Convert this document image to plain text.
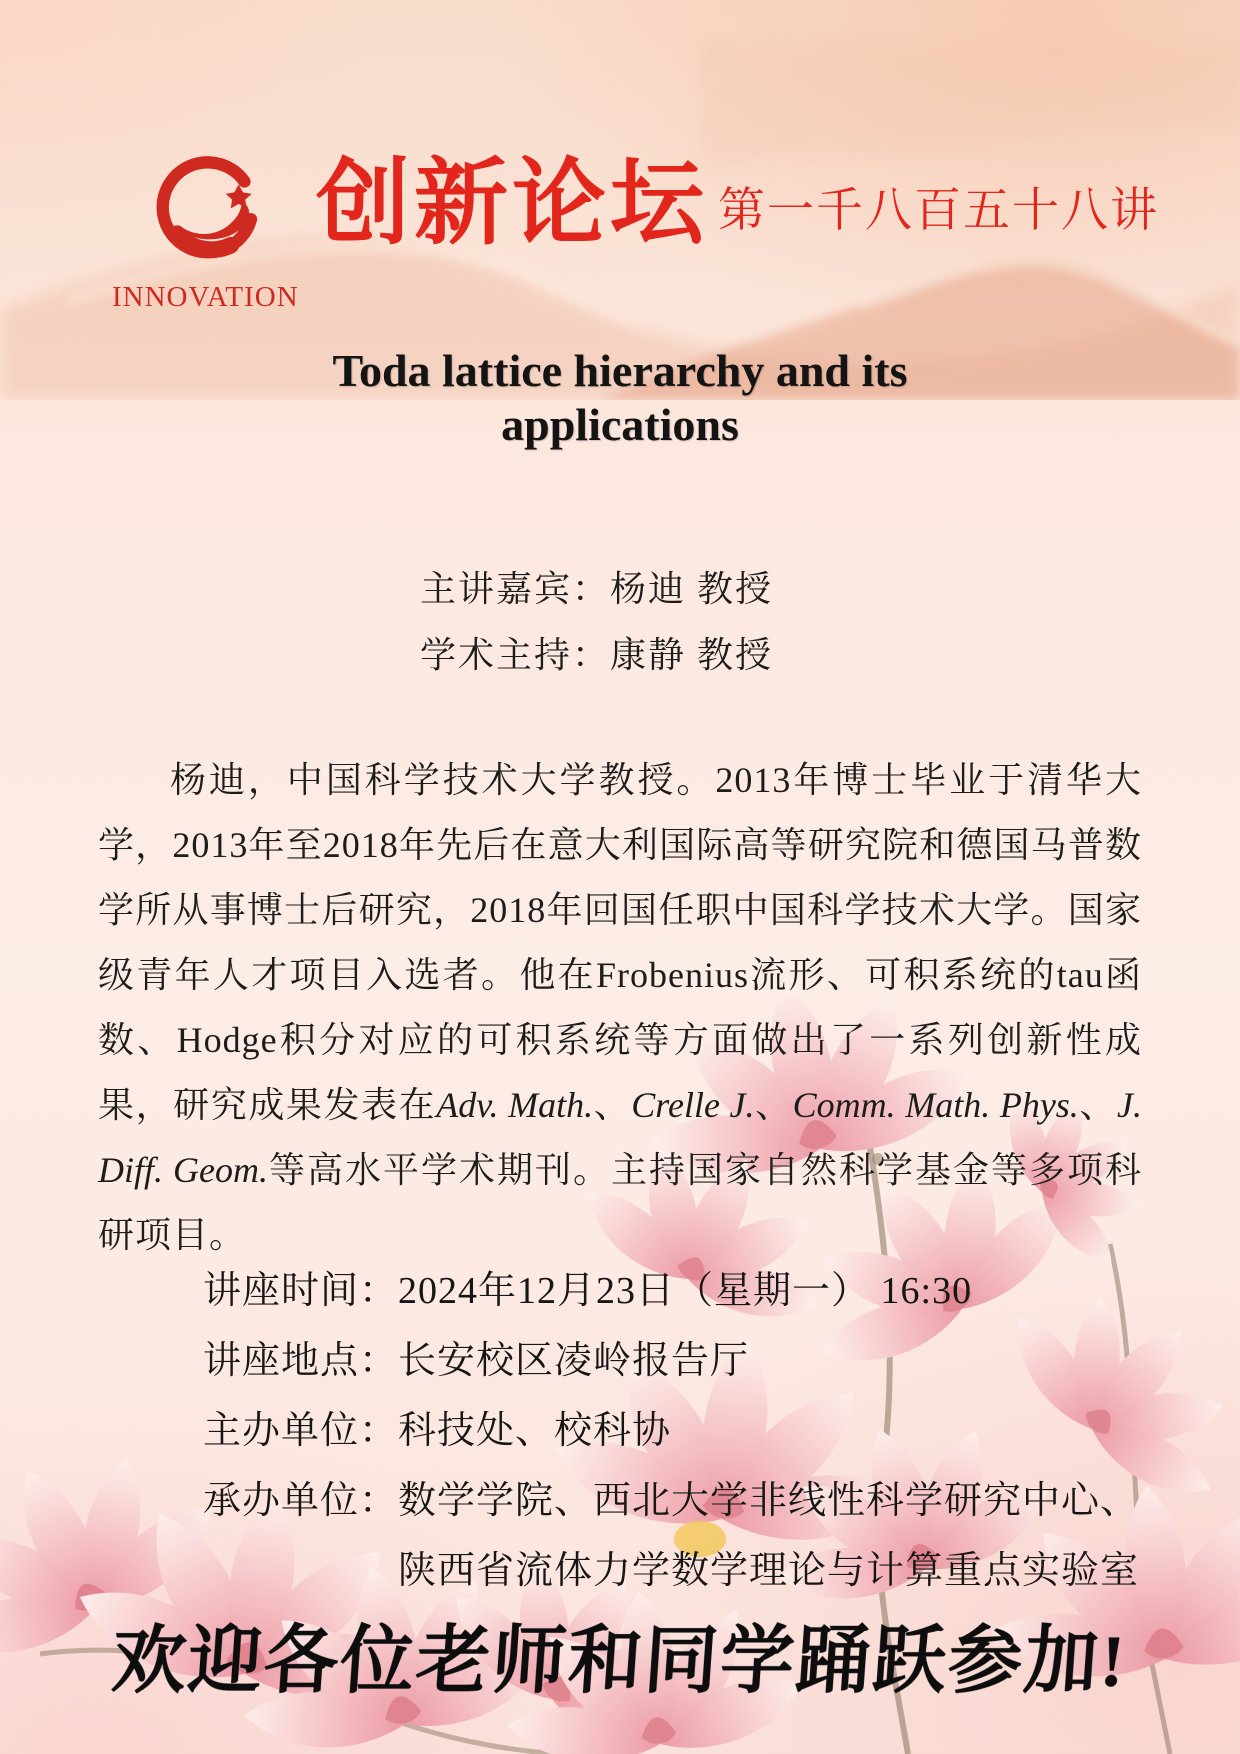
INNOVATION
创新论坛 第一千八百五十八讲
Toda lattice hierarchy and its
applications
主讲嘉宾：杨迪 教授
学术主持：康静 教授
杨迪，中国科学技术大学教授。2013年博士毕业于清华大学，2013年至2018年先后在意大利国际高等研究院和德国马普数学所从事博士后研究，2018年回国任职中国科学技术大学。国家级青年人才项目入选者。他在Frobenius流形、可积系统的tau函数、Hodge积分对应的可积系统等方面做出了一系列创新性成果，研究成果发表在Adv. Math.、Crelle J.、Comm. Math. Phys.、J. Diff. Geom.等高水平学术期刊。主持国家自然科学基金等多项科研项目。
讲座时间： 2024年12月23日（星期一） 16:30
讲座地点： 长安校区凌岭报告厅
主办单位： 科技处、校科协
承办单位： 数学学院、西北大学非线性科学研究中心、
陕西省流体力学数学理论与计算重点实验室
欢迎各位老师和同学踊跃参加!
